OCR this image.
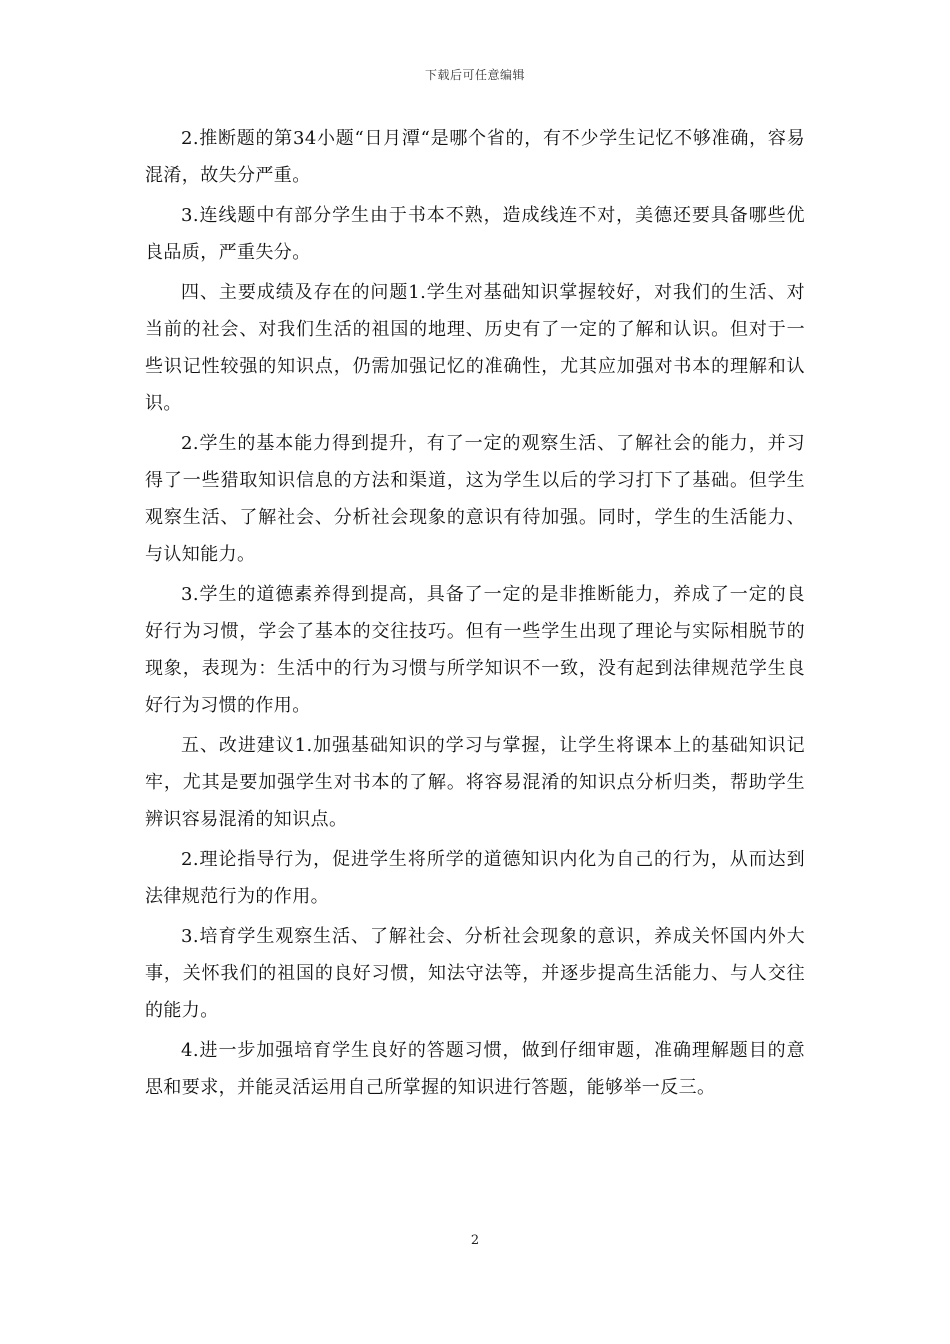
下载后可任意编辑

2.推断题的第34小题“日月潭“是哪个省的，有不少学生记忆不够准确，容易混淆，故失分严重。

3.连线题中有部分学生由于书本不熟，造成线连不对，美德还要具备哪些优良品质，严重失分。

四、主要成绩及存在的问题1.学生对基础知识掌握较好，对我们的生活、对当前的社会、对我们生活的祖国的地理、历史有了一定的了解和认识。但对于一些识记性较强的知识点，仍需加强记忆的准确性，尤其应加强对书本的理解和认识。

2.学生的基本能力得到提升，有了一定的观察生活、了解社会的能力，并习得了一些猎取知识信息的方法和渠道，这为学生以后的学习打下了基础。但学生观察生活、了解社会、分析社会现象的意识有待加强。同时，学生的生活能力、与认知能力。

3.学生的道德素养得到提高，具备了一定的是非推断能力，养成了一定的良好行为习惯，学会了基本的交往技巧。但有一些学生出现了理论与实际相脱节的现象，表现为：生活中的行为习惯与所学知识不一致，没有起到法律规范学生良好行为习惯的作用。

五、改进建议1.加强基础知识的学习与掌握，让学生将课本上的基础知识记牢，尤其是要加强学生对书本的了解。将容易混淆的知识点分析归类，帮助学生辨识容易混淆的知识点。

2.理论指导行为，促进学生将所学的道德知识内化为自己的行为，从而达到法律规范行为的作用。

3.培育学生观察生活、了解社会、分析社会现象的意识，养成关怀国内外大事，关怀我们的祖国的良好习惯，知法守法等，并逐步提高生活能力、与人交往的能力。

4.进一步加强培育学生良好的答题习惯，做到仔细审题，准确理解题目的意思和要求，并能灵活运用自己所掌握的知识进行答题，能够举一反三。

2
